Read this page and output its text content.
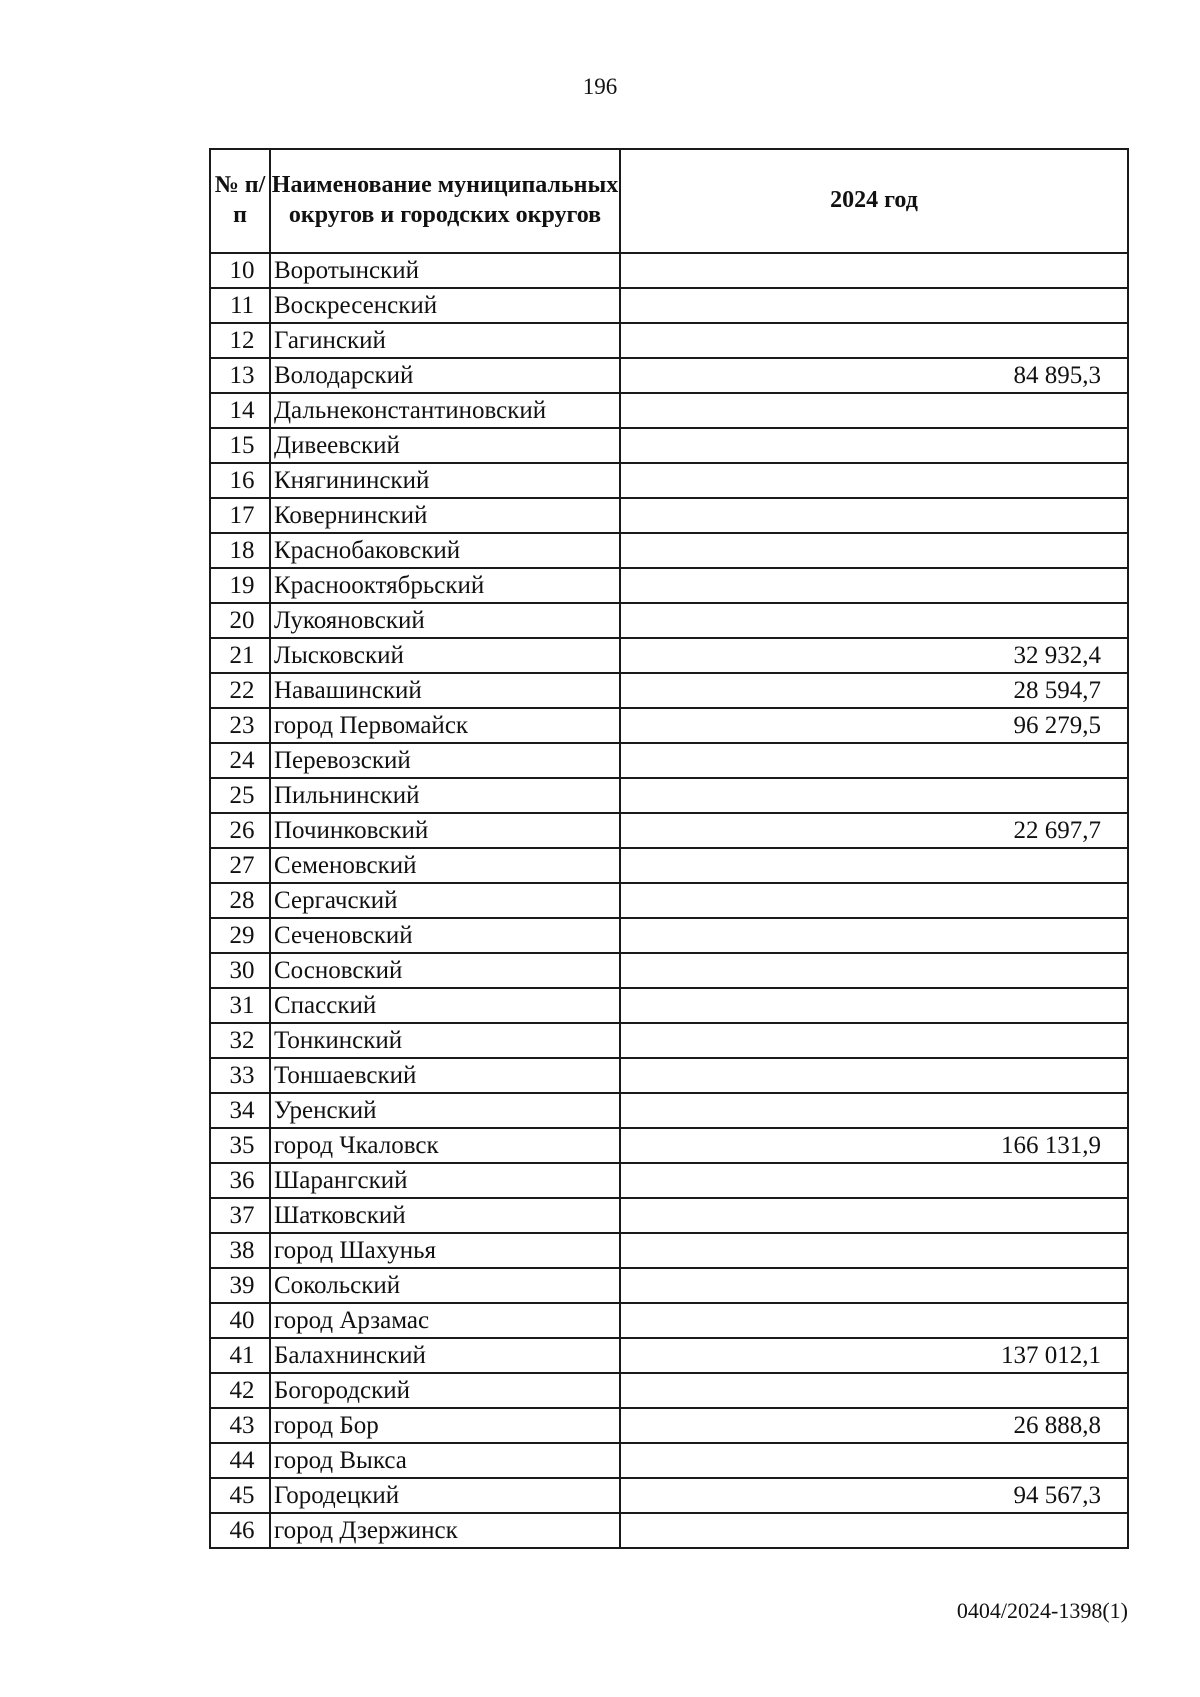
196
№ п/п	Наименование муниципальных округов и городских округов	2024 год
10	Воротынский	
11	Воскресенский	
12	Гагинский	
13	Володарский	84 895,3
14	Дальнеконстантиновский	
15	Дивеевский	
16	Княгининский	
17	Ковернинский	
18	Краснобаковский	
19	Краснооктябрьский	
20	Лукояновский	
21	Лысковский	32 932,4
22	Навашинский	28 594,7
23	город Первомайск	96 279,5
24	Перевозский	
25	Пильнинский	
26	Починковский	22 697,7
27	Семеновский	
28	Сергачский	
29	Сеченовский	
30	Сосновский	
31	Спасский	
32	Тонкинский	
33	Тоншаевский	
34	Уренский	
35	город Чкаловск	166 131,9
36	Шарангский	
37	Шатковский	
38	город Шахунья	
39	Сокольский	
40	город Арзамас	
41	Балахнинский	137 012,1
42	Богородский	
43	город Бор	26 888,8
44	город Выкса	
45	Городецкий	94 567,3
46	город Дзержинск	
0404/2024-1398(1)
